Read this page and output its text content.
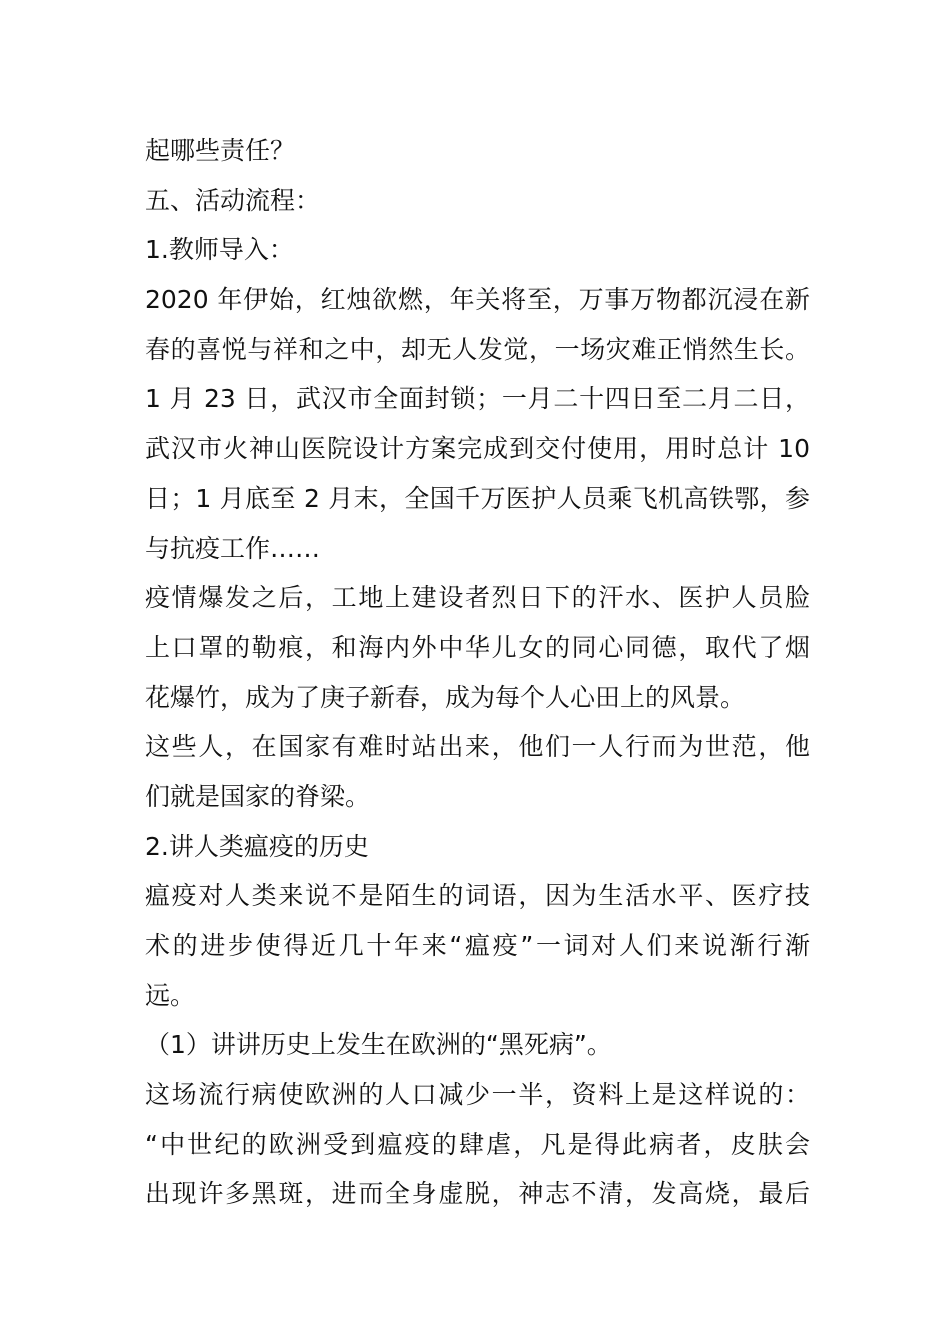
起哪些责任？
五、活动流程：
1.教师导入：
2020 年伊始，红烛欲燃，年关将至，万事万物都沉浸在新
春的喜悦与祥和之中，却无人发觉，一场灾难正悄然生长。
1 月 23 日，武汉市全面封锁；一月二十四日至二月二日，
武汉市火神山医院设计方案完成到交付使用，用时总计 10
日；1 月底至 2 月末，全国千万医护人员乘飞机高铁鄂，参
与抗疫工作……
疫情爆发之后，工地上建设者烈日下的汗水、医护人员脸
上口罩的勒痕，和海内外中华儿女的同心同德，取代了烟
花爆竹，成为了庚子新春，成为每个人心田上的风景。
这些人，在国家有难时站出来，他们一人行而为世范，他
们就是国家的脊梁。
2.讲人类瘟疫的历史
瘟疫对人类来说不是陌生的词语，因为生活水平、医疗技
术的进步使得近几十年来“瘟疫”一词对人们来说渐行渐
远。
（1）讲讲历史上发生在欧洲的“黑死病”。
这场流行病使欧洲的人口减少一半，资料上是这样说的：
“中世纪的欧洲受到瘟疫的肆虐，凡是得此病者，皮肤会
出现许多黑斑，进而全身虚脱，神志不清，发高烧，最后
